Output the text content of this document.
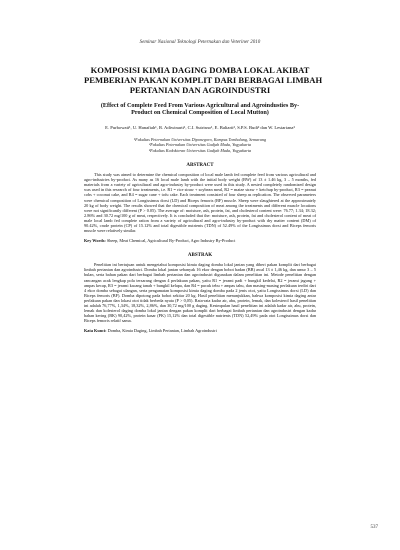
Seminar Nasional Teknologi Peternakan dan Veteriner 2010
KOMPOSISI KIMIA DAGING DOMBA LOKAL AKIBAT
PEMBERIAN PAKAN KOMPLIT DARI BERBAGAI LIMBAH
PERTANIAN DAN AGROINDUSTRI
(Effect of Complete Feed From Various Agricultural and Agroindusties By-
Product on Chemical Composition of Local Mutton)
E. Purbowati¹, U. Hanafiah¹, R. Adiwinarti¹, C.I. Sutrisno¹, E. Baliarti², S.P.S. Budi³ dan W. Lestariana³
¹Fakultas Peternakan Universitas Diponegoro, Kampus Tembalang, Semarang
²Fakultas Peternakan Universitas Gadjah Mada, Yogyakarta
³Fakultas Kedokteran Universitas Gadjah Mada, Yogyakarta
ABSTRACT

This study was aimed to determine the chemical composition of local male lamb fed complete feed from various agricultural and agro-industries by-product. As many as 16 local male lamb with the initial body weight (BW) of 13 ± 1.46 kg, 3 – 5 months, fed materials from a variety of agricultural and agro-industry by-product were used in this study. A nested completely randomized design was used in this research of four treatments, i.e. R1 = rice straw + soybean meal, R2 = maize straw + ketchup by-product, R3 = peanut cobs + coconut cake, and R4 = sugar cane + tofu cake. Each treatment consisted of four sheep as replication. The observed parameters were chemical composition of Longissimus dorsi (LD) and Biceps femoris (BF) muscle. Sheep were slaughtered at the approximately 20 kg of body weight. The results showed that the chemical composition of meat among the treatments and different muscle locations were not significantly different (P > 0.05). The average of: moisture, ash, protein, fat, and cholesterol content were: 76.77; 1.34; 18.32; 2.86% and 30.72 mg/100 g of meat, respectively. It is concluded that the: moisture, ash, protein, fat and cholesterol content of meat of male local lamb fed complete ration from a variety of agricultural and agro-industry by-product with dry matter content (DM) of 90.42%, crude protein (CP) of 15.12% and total digestible nutrients (TDN) of 52.49% of the Longissimus dorsi and Biceps femoris muscle were relatively similar.

Key Words: Sheep, Meat Chemical, Agricultural By-Product, Agro Industry By-Product
ABSTRAK

Penelitian ini bertujuan untuk mengetahui komposisi kimia daging domba lokal jantan yang diberi pakan komplit dari berbagai limbah pertanian dan agroindustri. Domba lokal jantan sebanyak 16 ekor dengan bobot badan (BB) awal 13 ± 1,46 kg, dan umur 3 – 5 bulan, serta bahan pakan dari berbagai limbah pertanian dan agroindustri digunakan dalam penelitian ini. Metode penelitian dengan rancangan acak lengkap pola tersarang dengan 4 perlakuan pakan, yaitu R1 = jerami padi + bungkil kedelai, R2 = jerami jagung + ampas kecap, R3 = jerami kacang tanah + bungkil kelapa, dan R4 = pucuk tebu + ampas tahu, dan masing-masing perlakuan terdiri dari 4 ekor domba sebagai ulangan, serta pengamatan komposisi kimia daging domba pada 2 jenis otot, yaitu Longissimus dorsi (LD) dan Biceps femoris (BF). Domba dipotong pada bobot sekitar 20 kg. Hasil penelitian menunjukkan, bahwa komposisi kimia daging antar perlakuan pakan dan lokasi otot tidak berbeda nyata (P > 0,05). Rata-rata kadar air, abu, protein, lemak, dan kolesterol hasil penelitian ini adalah 76,77%, 1,34%, 18,32%, 2,86%, dan 30,72 mg/100 g daging. Kesimpulan hasil penelitian ini adalah kadar air, abu, protein, lemak dan kolesterol daging domba lokal jantan dengan pakan komplit dari berbagai limbah pertanian dan agroindustri dengan kadar bahan kering (BK) 90,42%, protein kasar (PK) 15,12% dan total digestible nutrients (TDN) 52,49% pada otot Longissimus dorsi dan Biceps femoris relatif sama.

Kata Kunci: Domba, Kimia Daging, Limbah Pertanian, Limbah Agroindustri
537
